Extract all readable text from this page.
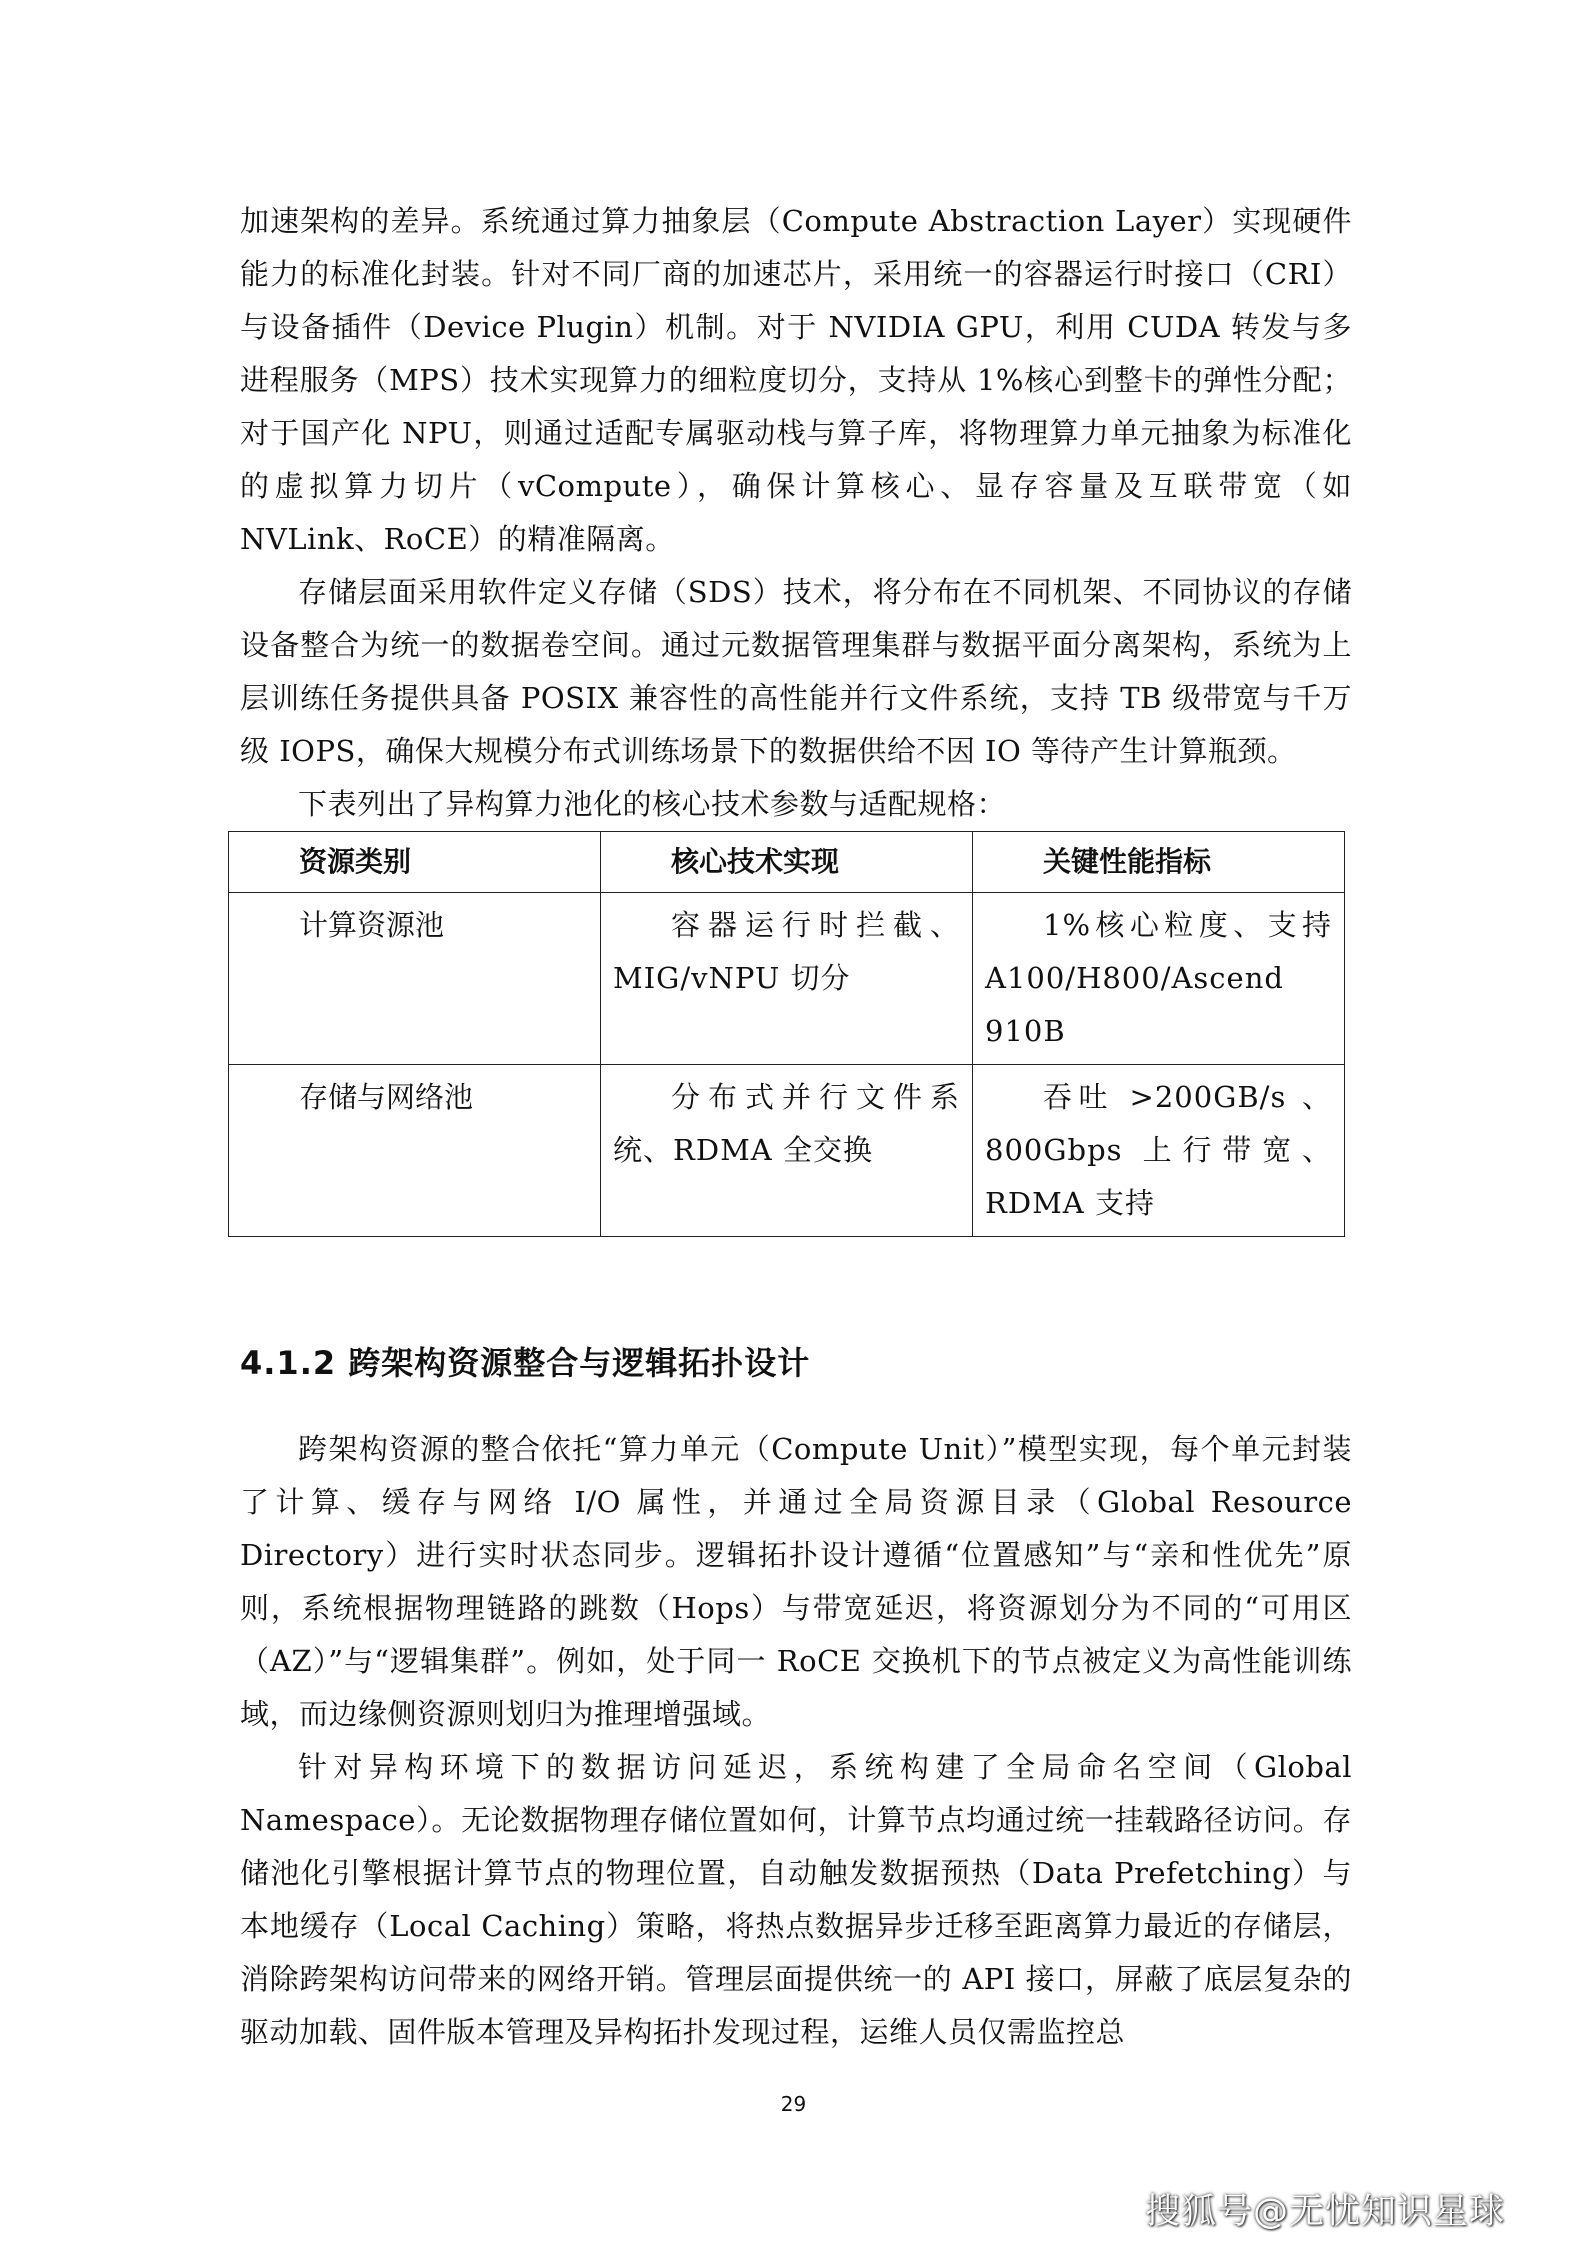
加速架构的差异。系统通过算力抽象层（Compute Abstraction Layer）实现硬件能力的标准化封装。针对不同厂商的加速芯片，采用统一的容器运行时接口（CRI）与设备插件（Device Plugin）机制。对于 NVIDIA GPU，利用 CUDA 转发与多进程服务（MPS）技术实现算力的细粒度切分，支持从 1%核心到整卡的弹性分配；对于国产化 NPU，则通过适配专属驱动栈与算子库，将物理算力单元抽象为标准化的虚拟算力切片（vCompute），确保计算核心、显存容量及互联带宽（如 NVLink、RoCE）的精准隔离。

存储层面采用软件定义存储（SDS）技术，将分布在不同机架、不同协议的存储设备整合为统一的数据卷空间。通过元数据管理集群与数据平面分离架构，系统为上层训练任务提供具备 POSIX 兼容性的高性能并行文件系统，支持 TB 级带宽与千万级 IOPS，确保大规模分布式训练场景下的数据供给不因 IO 等待产生计算瓶颈。

下表列出了异构算力池化的核心技术参数与适配规格：

资源类别	核心技术实现	关键性能指标
计算资源池	容器运行时拦截、MIG/vNPU 切分	1%核心粒度、支持 A100/H800/Ascend 910B
存储与网络池	分布式并行文件系统、RDMA 全交换	吞吐 >200GB/s 、800Gbps 上行带宽、RDMA 支持
4.1.2 跨架构资源整合与逻辑拓扑设计

跨架构资源的整合依托“算力单元（Compute Unit）”模型实现，每个单元封装了计算、缓存与网络 I/O 属性，并通过全局资源目录（Global Resource Directory）进行实时状态同步。逻辑拓扑设计遵循“位置感知”与“亲和性优先”原则，系统根据物理链路的跳数（Hops）与带宽延迟，将资源划分为不同的“可用区（AZ）”与“逻辑集群”。例如，处于同一 RoCE 交换机下的节点被定义为高性能训练域，而边缘侧资源则划归为推理增强域。

针对异构环境下的数据访问延迟，系统构建了全局命名空间（Global Namespace）。无论数据物理存储位置如何，计算节点均通过统一挂载路径访问。存储池化引擎根据计算节点的物理位置，自动触发数据预热（Data Prefetching）与本地缓存（Local Caching）策略，将热点数据异步迁移至距离算力最近的存储层，消除跨架构访问带来的网络开销。管理层面提供统一的 API 接口，屏蔽了底层复杂的驱动加载、固件版本管理及异构拓扑发现过程，运维人员仅需监控总

29
搜狐号@无忧知识星球
